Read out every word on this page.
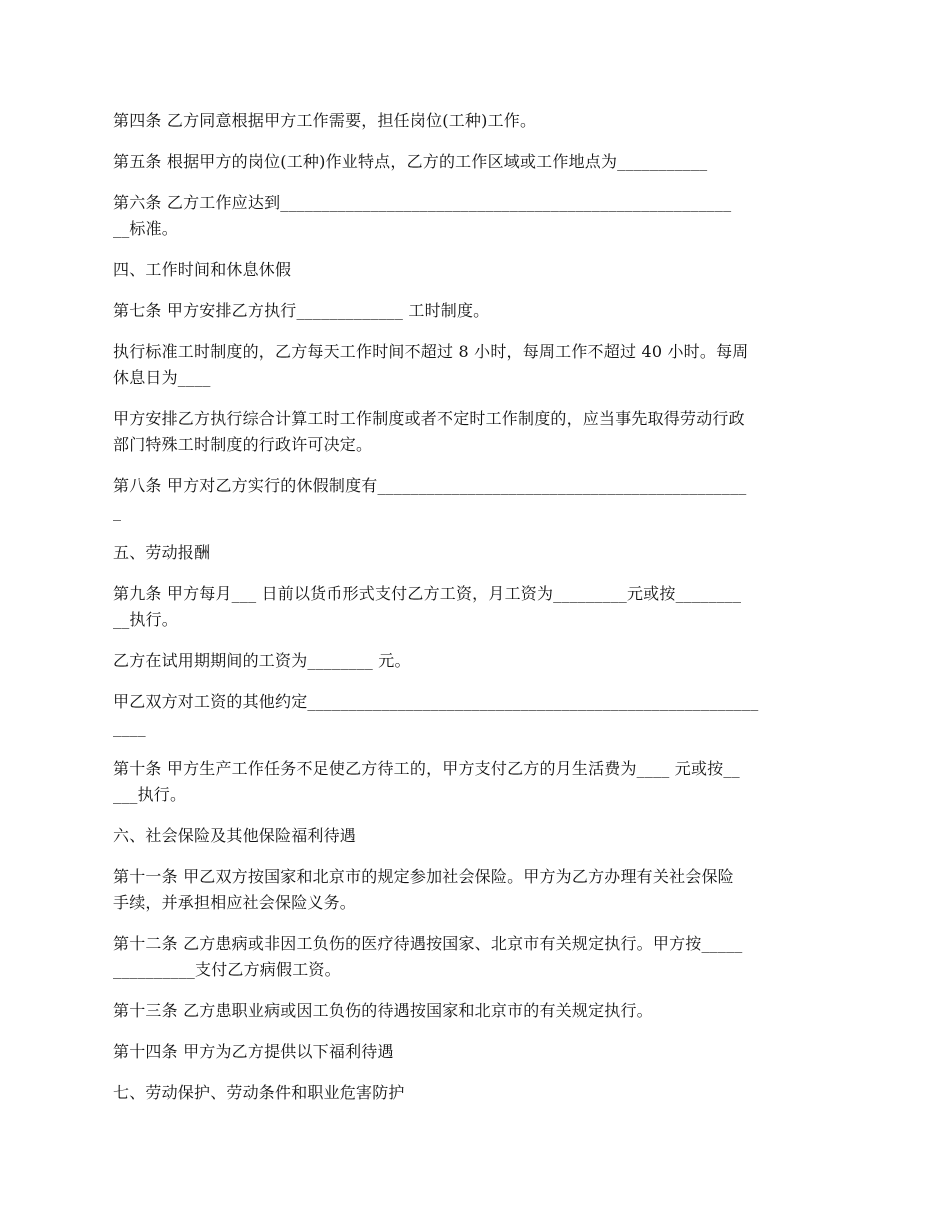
第四条 乙方同意根据甲方工作需要，担任岗位(工种)工作。

第五条 根据甲方的岗位(工种)作业特点，乙方的工作区域或工作地点为___________

第六条 乙方工作应达到_______________________________________________________
__标准。

四、工作时间和休息休假

第七条 甲方安排乙方执行_____________ 工时制度。

执行标准工时制度的，乙方每天工作时间不超过 8 小时，每周工作不超过 40 小时。每周
休息日为____

甲方安排乙方执行综合计算工时工作制度或者不定时工作制度的，应当事先取得劳动行政
部门特殊工时制度的行政许可决定。

第八条 甲方对乙方实行的休假制度有_____________________________________________
_

五、劳动报酬

第九条 甲方每月___ 日前以货币形式支付乙方工资，月工资为_________元或按________
__执行。

乙方在试用期期间的工资为________ 元。

甲乙双方对工资的其他约定_______________________________________________________
____

第十条 甲方生产工作任务不足使乙方待工的，甲方支付乙方的月生活费为____ 元或按__
___执行。

六、社会保险及其他保险福利待遇

第十一条 甲乙双方按国家和北京市的规定参加社会保险。甲方为乙方办理有关社会保险
手续，并承担相应社会保险义务。

第十二条 乙方患病或非因工负伤的医疗待遇按国家、北京市有关规定执行。甲方按_____
__________支付乙方病假工资。

第十三条 乙方患职业病或因工负伤的待遇按国家和北京市的有关规定执行。

第十四条 甲方为乙方提供以下福利待遇

七、劳动保护、劳动条件和职业危害防护
